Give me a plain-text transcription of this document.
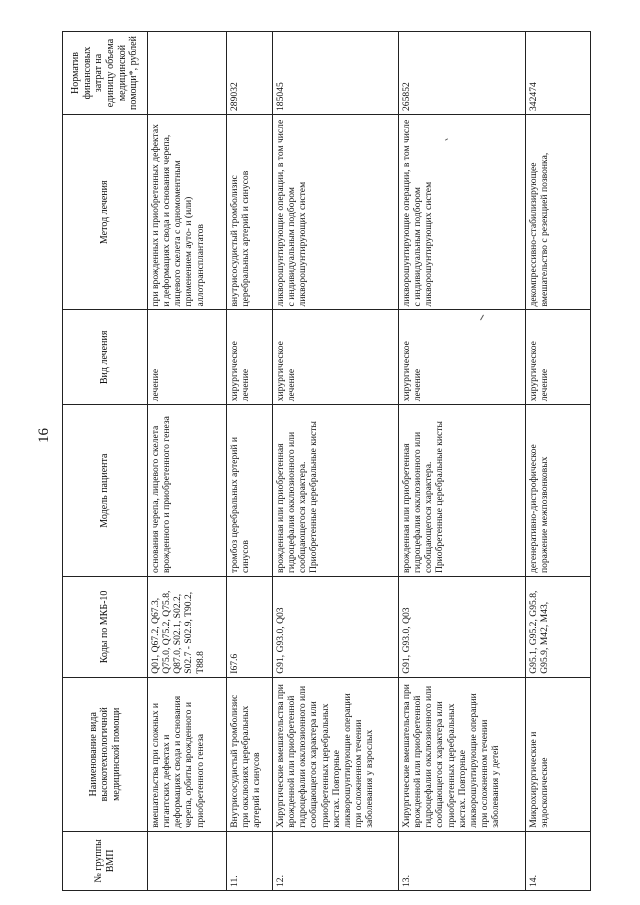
16
№ группы ВМП	Наименование вида высокотехнологичной медицинской помощи	Коды по МКБ-10	Модель пациента	Вид лечения	Метод лечения	Норматив финансовых затрат на единицу объема медицинской помощи*, рублей
	вмешательства при сложных и гигантских дефектах и деформациях свода и основания черепа, орбиты врожденного и приобретенного генеза	Q01, Q67.2, Q67.3, Q75.0, Q75.2, Q75.8, Q87.0, S02.1, S02.2, S02.7 - S02.9, T90.2, T88.8	основания черепа, лицевого скелета врожденного и приобретенного генеза	лечение	при врожденных и приобретенных дефектах и деформациях свода и основания черепа, лицевого скелета с одномоментным применением ауто- и (или) аллотрансплантатов	
11.	Внутрисосудистый тромболизис при окклюзиях церебральных артерий и синусов	I67.6	тромбоз церебральных артерий и синусов	хирургическое лечение	внутрисосудистый тромболизис церебральных артерий и синусов	289032
12.	Хирургические вмешательства при врожденной или приобретенной гидроцефалии окклюзионного или сообщающегося характера или приобретенных церебральных кистах. Повторные ликворошунтирующие операции при осложненном течении заболевания у взрослых	G91, G93.0, Q03	врожденная или приобретенная гидроцефалия окклюзионного или сообщающегося характера. Приобретенные церебральные кисты	хирургическое лечение	ликворошунтирующие операции, в том числе с индивидуальным подбором ликворошунтирующих систем	185045
13.	Хирургические вмешательства при врожденной или приобретенной гидроцефалии окклюзионного или сообщающегося характера или приобретенных церебральных кистах. Повторные ликворошунтирующие операции при осложненном течении заболевания у детей	G91, G93.0, Q03	врожденная или приобретенная гидроцефалия окклюзионного или сообщающегося характера. Приобретенные церебральные кисты	хирургическое лечение	ликворошунтирующие операции, в том числе с индивидуальным подбором ликворошунтирующих систем	265852
14.	Микрохирургические и эндоскопические	G95.1, G95.2, G95.8, G95.9, M42, M43,	дегенеративно-дистрофическое поражение межпозвонковых	хирургическое лечение	декомпрессивно-стабилизирующее вмешательство с резекцией позвонка,	342474
